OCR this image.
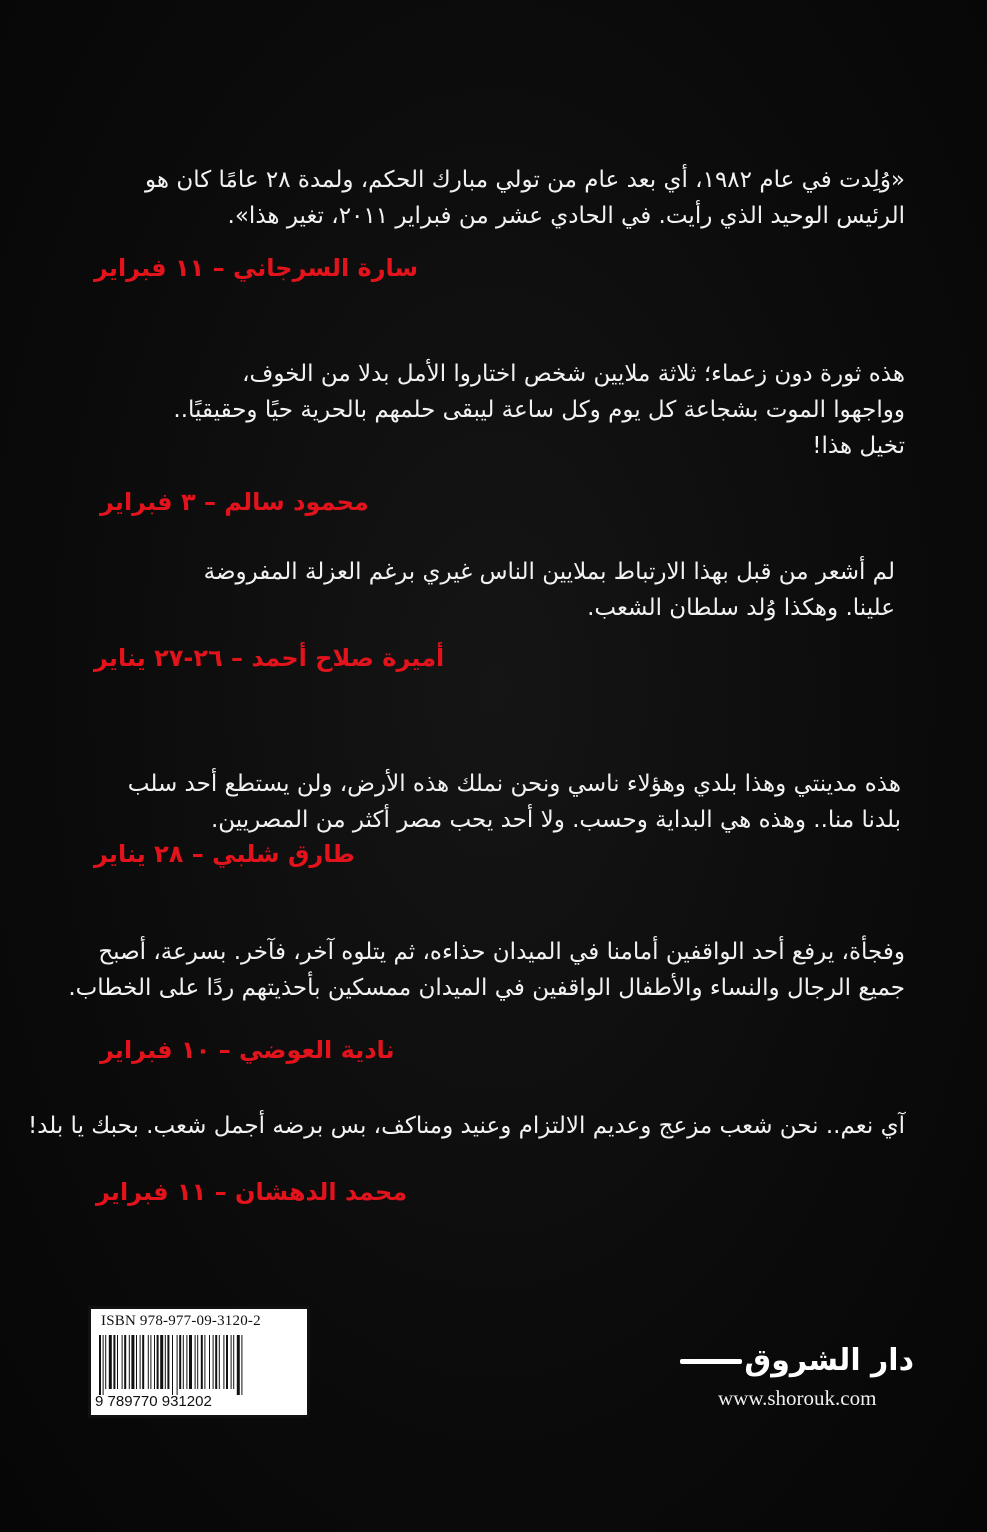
«وُلِدت في عام ١٩٨٢، أي بعد عام من تولي مبارك الحكم، ولمدة ٢٨ عامًا كان هو
الرئيس الوحيد الذي رأيت. في الحادي عشر من فبراير ٢٠١١، تغير هذا».
سارة السرجاني – ١١ فبراير
هذه ثورة دون زعماء؛ ثلاثة ملايين شخص اختاروا الأمل بدلا من الخوف،
وواجهوا الموت بشجاعة كل يوم وكل ساعة ليبقى حلمهم بالحرية حيًا وحقيقيًا..
تخيل هذا!
محمود سالم – ٣ فبراير
لم أشعر من قبل بهذا الارتباط بملايين الناس غيري برغم العزلة المفروضة
علينا. وهكذا وُلد سلطان الشعب.
أميرة صلاح أحمد – ٢٦-٢٧ يناير
هذه مدينتي وهذا بلدي وهؤلاء ناسي ونحن نملك هذه الأرض، ولن يستطع أحد سلب
بلدنا منا.. وهذه هي البداية وحسب. ولا أحد يحب مصر أكثر من المصريين.
طارق شلبي – ٢٨ يناير
وفجأة، يرفع أحد الواقفين أمامنا في الميدان حذاءه، ثم يتلوه آخر، فآخر. بسرعة، أصبح
جميع الرجال والنساء والأطفال الواقفين في الميدان ممسكين بأحذيتهم ردًا على الخطاب.
نادية العوضي – ١٠ فبراير
آي نعم.. نحن شعب مزعج وعديم الالتزام وعنيد ومناكف، بس برضه أجمل شعب. بحبك يا بلد!
محمد الدهشان – ١١ فبراير
ISBN 978-977-09-3120-2
9 789770 931202
دار الشروق
www.shorouk.com
